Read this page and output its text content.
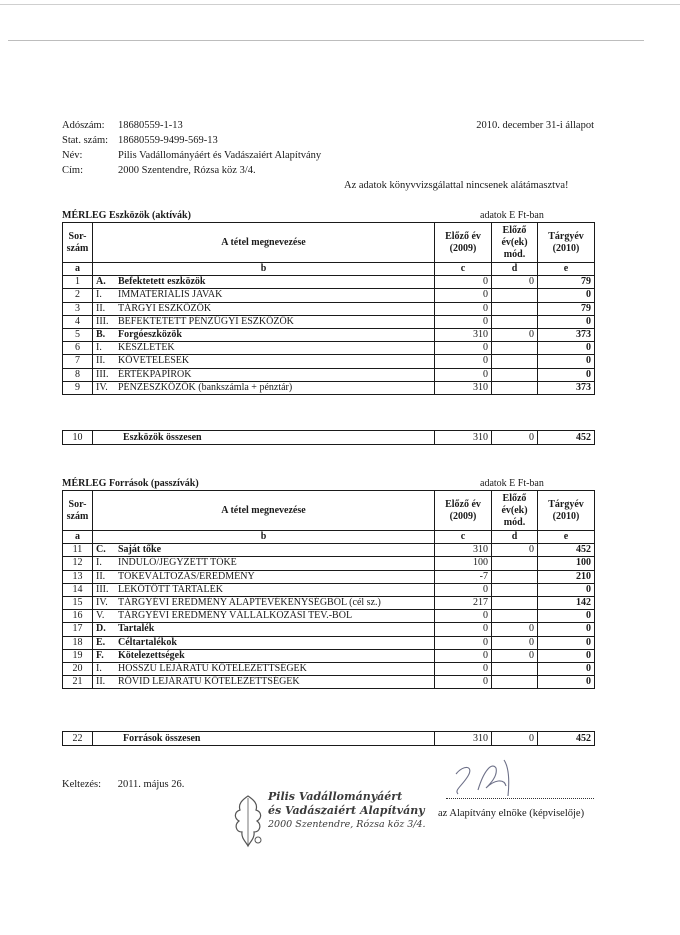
Adószám: 18680559-1-13	2010. december 31-i állapot
Stat. szám: 18680559-9499-569-13
Név:	Pilis Vadállományáért és Vadászaiért Alapítvány
Cím:	2000 Szentendre, Rózsa köz 3/4.
Az adatok könyvvizsgálattal nincsenek alátámasztva!
MÉRLEG Eszközök (aktívák)	adatok E Ft-ban
Sor-
szám	A tétel megnevezése	Előző év
(2009)	Előző
év(ek)
mód.	Tárgyév
(2010)
a	b	c	d	e
1	A. Befektetett eszközök	0	0	79
2	I. IMMATERIÁLIS JAVAK	0		0
3	II. TÁRGYI ESZKÖZÖK	0		79
4	III. BEFEKTETETT PÉNZÜGYI ESZKÖZÖK	0		0
5	B. Forgóeszközök	310	0	373
6	I. KÉSZLETEK	0		0
7	II. KÖVETELÉSEK	0		0
8	III. ÉRTÉKPAPÍROK	0		0
9	IV. PÉNZESZKÖZÖK (bankszámla + pénztár)	310		373
10	Eszközök összesen	310	0	452
MÉRLEG Források (passzívák)	adatok E Ft-ban
Sor-
szám	A tétel megnevezése	Előző év
(2009)	Előző
év(ek)
mód.	Tárgyév
(2010)
a	b	c	d	e
11	C. Saját tőke	310	0	452
12	I. INDULÓ/JEGYZETT TŐKE	100		100
13	II. TŐKEVÁLTOZÁS/EREDMÉNY	-7		210
14	III. LEKÖTÖTT TARTALÉK	0		0
15	IV. TÁRGYÉVI EREDMÉNY ALAPTEVÉKENYSÉGBŐL (cél sz.)	217		142
16	V. TÁRGYÉVI EREDMÉNY VÁLLALKOZÁSI TEV.-BŐL	0		0
17	D. Tartalék	0	0	0
18	E. Céltartalékok	0	0	0
19	F. Kötelezettségek	0	0	0
20	I. HOSSZÚ LEJÁRATÚ KÖTELEZETTSÉGEK	0		0
21	II. RÖVID LEJÁRATÚ KÖTELEZETTSÉGEK	0		0
22	Források összesen	310	0	452
Keltezés: 2011. május 26.
Pilis Vadállományáért
és Vadászaiért Alapítvány
2000 Szentendre, Rózsa köz 3/4.
az Alapítvány elnöke (képviselője)
